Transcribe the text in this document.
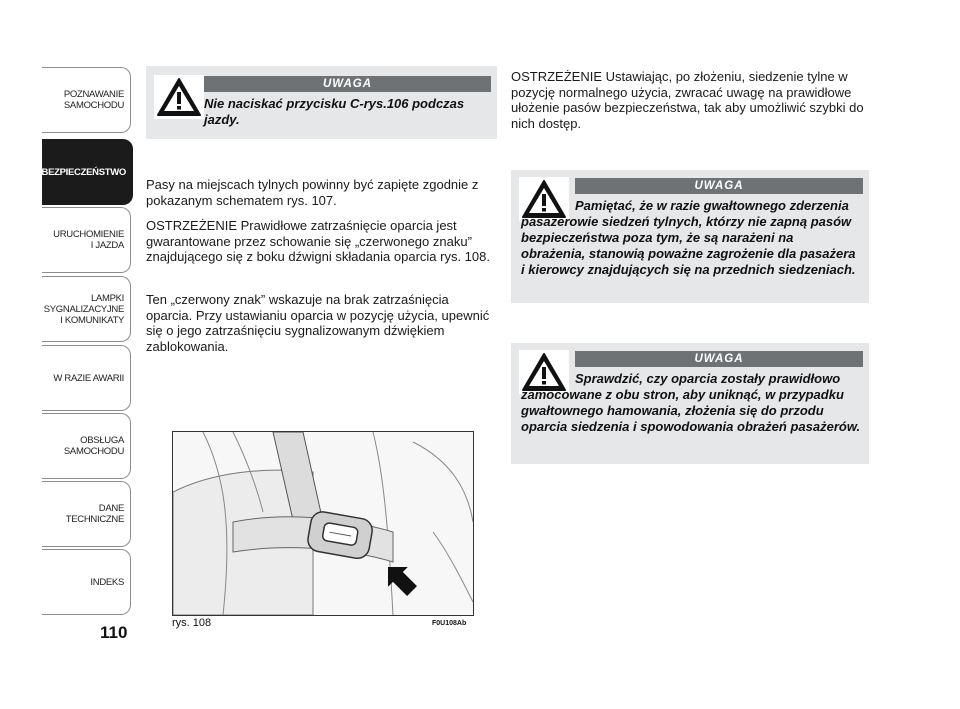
POZNAWANIE
SAMOCHODU
BEZPIECZEŃSTWO
URUCHOMIENIE
I JAZDA
LAMPKI
SYGNALIZACYJNE
I KOMUNIKATY
W RAZIE AWARII
OBSŁUGA
SAMOCHODU
DANE
TECHNICZNE
INDEKS
110
UWAGA

Nie naciskać przycisku C-rys.106 podczas jazdy.

Pasy na miejscach tylnych powinny być zapięte zgodnie z pokazanym schematem rys. 107.

OSTRZEŻENIE Prawidłowe zatrzaśnięcie oparcia jest gwarantowane przez schowanie się „czerwonego znaku” znajdującego się z boku dźwigni składania oparcia rys. 108.

Ten „czerwony znak” wskazuje na brak zatrzaśnięcia oparcia. Przy ustawianiu oparcia w pozycję użycia, upewnić się o jego zatrzaśnięciu sygnalizowanym dźwiękiem zablokowania.

rys. 108	F0U108Ab

OSTRZEŻENIE Ustawiając, po złożeniu, siedzenie tylne w pozycję normalnego użycia, zwracać uwagę na prawidłowe ułożenie pasów bezpieczeństwa, tak aby umożliwić szybki do nich dostęp.

UWAGA

Pamiętać, że w razie gwałtownego zderzenia pasażerowie siedzeń tylnych, którzy nie zapną pasów bezpieczeństwa poza tym, że są narażeni na obrażenia, stanowią poważne zagrożenie dla pasażera i kierowcy znajdujących się na przednich siedzeniach.

UWAGA

Sprawdzić, czy oparcia zostały prawidłowo zamocowane z obu stron, aby uniknąć, w przypadku gwałtownego hamowania, złożenia się do przodu oparcia siedzenia i spowodowania obrażeń pasażerów.
